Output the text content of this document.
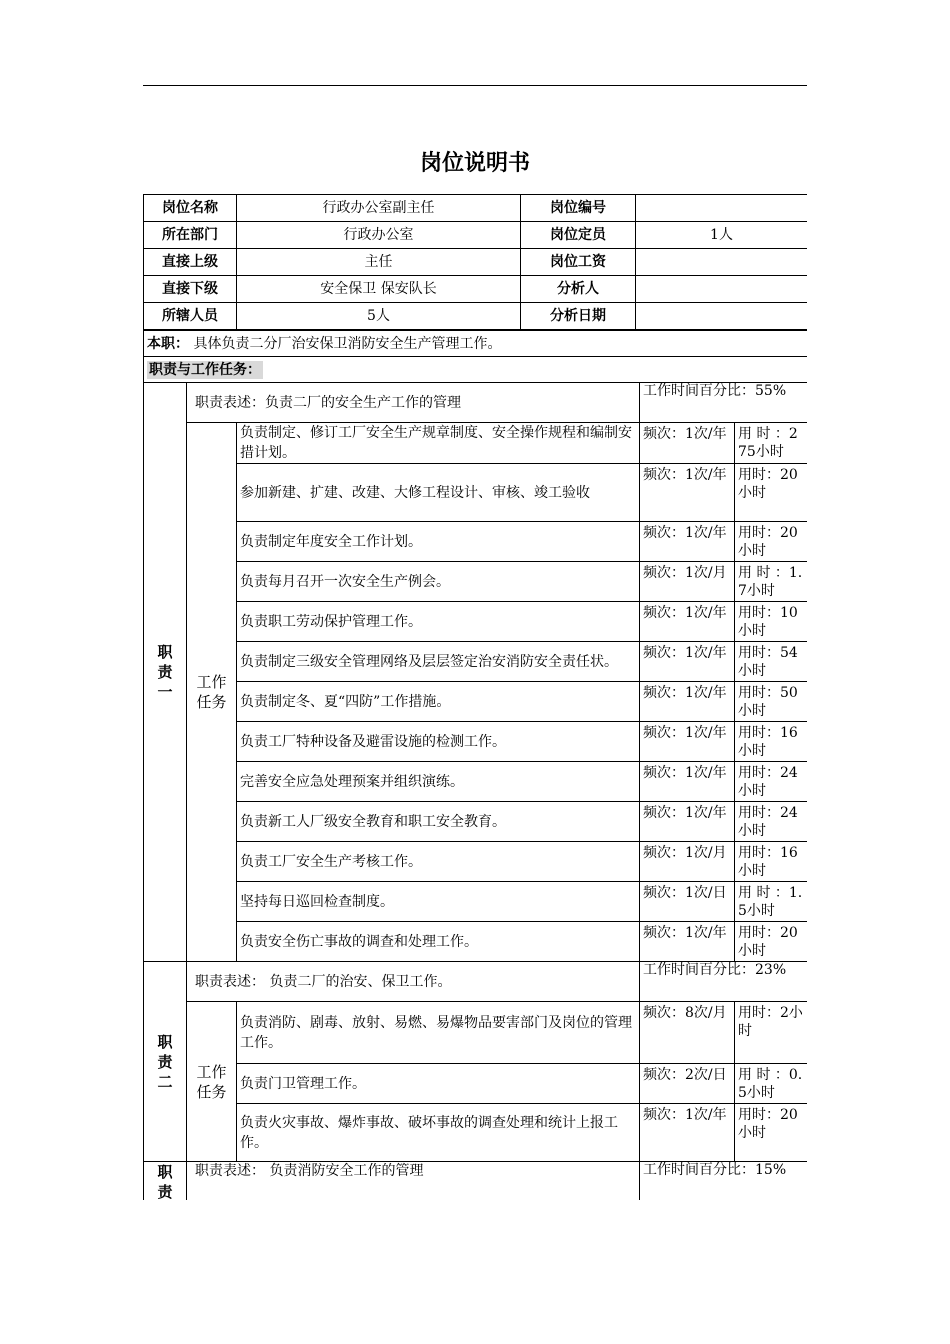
岗位说明书
岗位名称	行政办公室副主任	岗位编号	
所在部门	行政办公室	岗位定员	1人
直接上级	主任	岗位工资	
直接下级	安全保卫 保安队长	分析人	
所辖人员	5人	分析日期	
本职： 具体负责二分厂治安保卫消防安全生产管理工作。				
职责与工作任务：				
职
责
一	职责表述：负责二厂的安全生产工作的管理		工作时间百分比：55%	
	工作
任务	负责制定、修订工厂安全生产规章制度、安全操作规程和编制安措计划。	频次：1次/年	用 时 ：275小时
		参加新建、扩建、改建、大修工程设计、审核、竣工验收	频次：1次/年	用时：20小时
		负责制定年度安全工作计划。	频次：1次/年	用时：20小时
		负责每月召开一次安全生产例会。	频次：1次/月	用 时 ：1.7小时
		负责职工劳动保护管理工作。	频次：1次/年	用时：10小时
		负责制定三级安全管理网络及层层签定治安消防安全责任状。	频次：1次/年	用时：54小时
		负责制定冬、夏“四防”工作措施。	频次：1次/年	用时：50小时
		负责工厂特种设备及避雷设施的检测工作。	频次：1次/年	用时：16小时
		完善安全应急处理预案并组织演练。	频次：1次/年	用时：24小时
		负责新工人厂级安全教育和职工安全教育。	频次：1次/年	用时：24小时
		负责工厂安全生产考核工作。	频次：1次/月	用时：16小时
		坚持每日巡回检查制度。	频次：1次/日	用 时 ：1.5小时
		负责安全伤亡事故的调查和处理工作。	频次：1次/年	用时：20小时
职
责
二	职责表述： 负责二厂的治安、保卫工作。		工作时间百分比：23%	
	工作
任务	负责消防、剧毒、放射、易燃、易爆物品要害部门及岗位的管理工作。	频次：8次/月	用时：2小时
		负责门卫管理工作。	频次：2次/日	用 时 ：0.5小时
		负责火灾事故、爆炸事故、破坏事故的调查处理和统计上报工作。	频次：1次/年	用时：20小时
职
责	职责表述： 负责消防安全工作的管理		工作时间百分比：15%	
